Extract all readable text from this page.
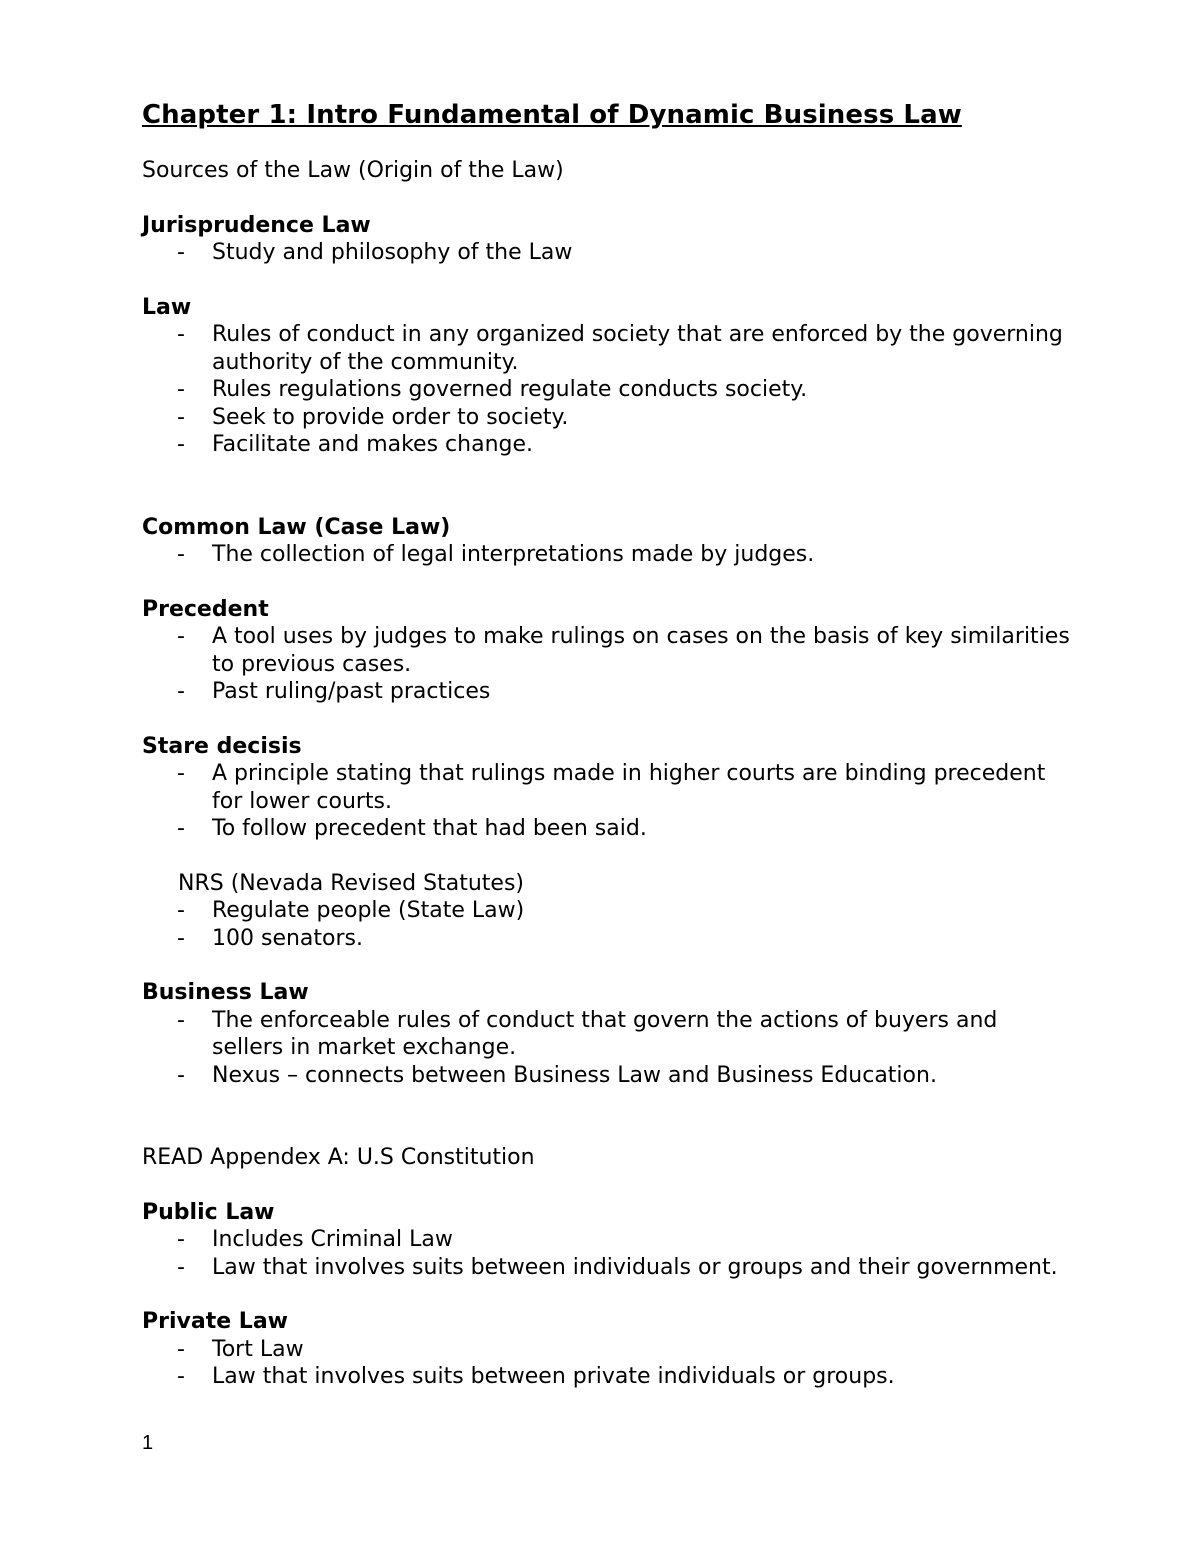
Chapter 1: Intro Fundamental of Dynamic Business Law
Sources of the Law (Origin of the Law)
Jurisprudence Law
- Study and philosophy of the Law
Law
- Rules of conduct in any organized society that are enforced by the governing
authority of the community.
- Rules regulations governed regulate conducts society.
- Seek to provide order to society.
- Facilitate and makes change.
Common Law (Case Law)
- The collection of legal interpretations made by judges.
Precedent
- A tool uses by judges to make rulings on cases on the basis of key similarities
to previous cases.
- Past ruling/past practices
Stare decisis
- A principle stating that rulings made in higher courts are binding precedent
for lower courts.
- To follow precedent that had been said.
NRS (Nevada Revised Statutes)
- Regulate people (State Law)
- 100 senators.
Business Law
- The enforceable rules of conduct that govern the actions of buyers and
sellers in market exchange.
- Nexus – connects between Business Law and Business Education.
READ Appendex A: U.S Constitution
Public Law
- Includes Criminal Law
- Law that involves suits between individuals or groups and their government.
Private Law
- Tort Law
- Law that involves suits between private individuals or groups.
1
